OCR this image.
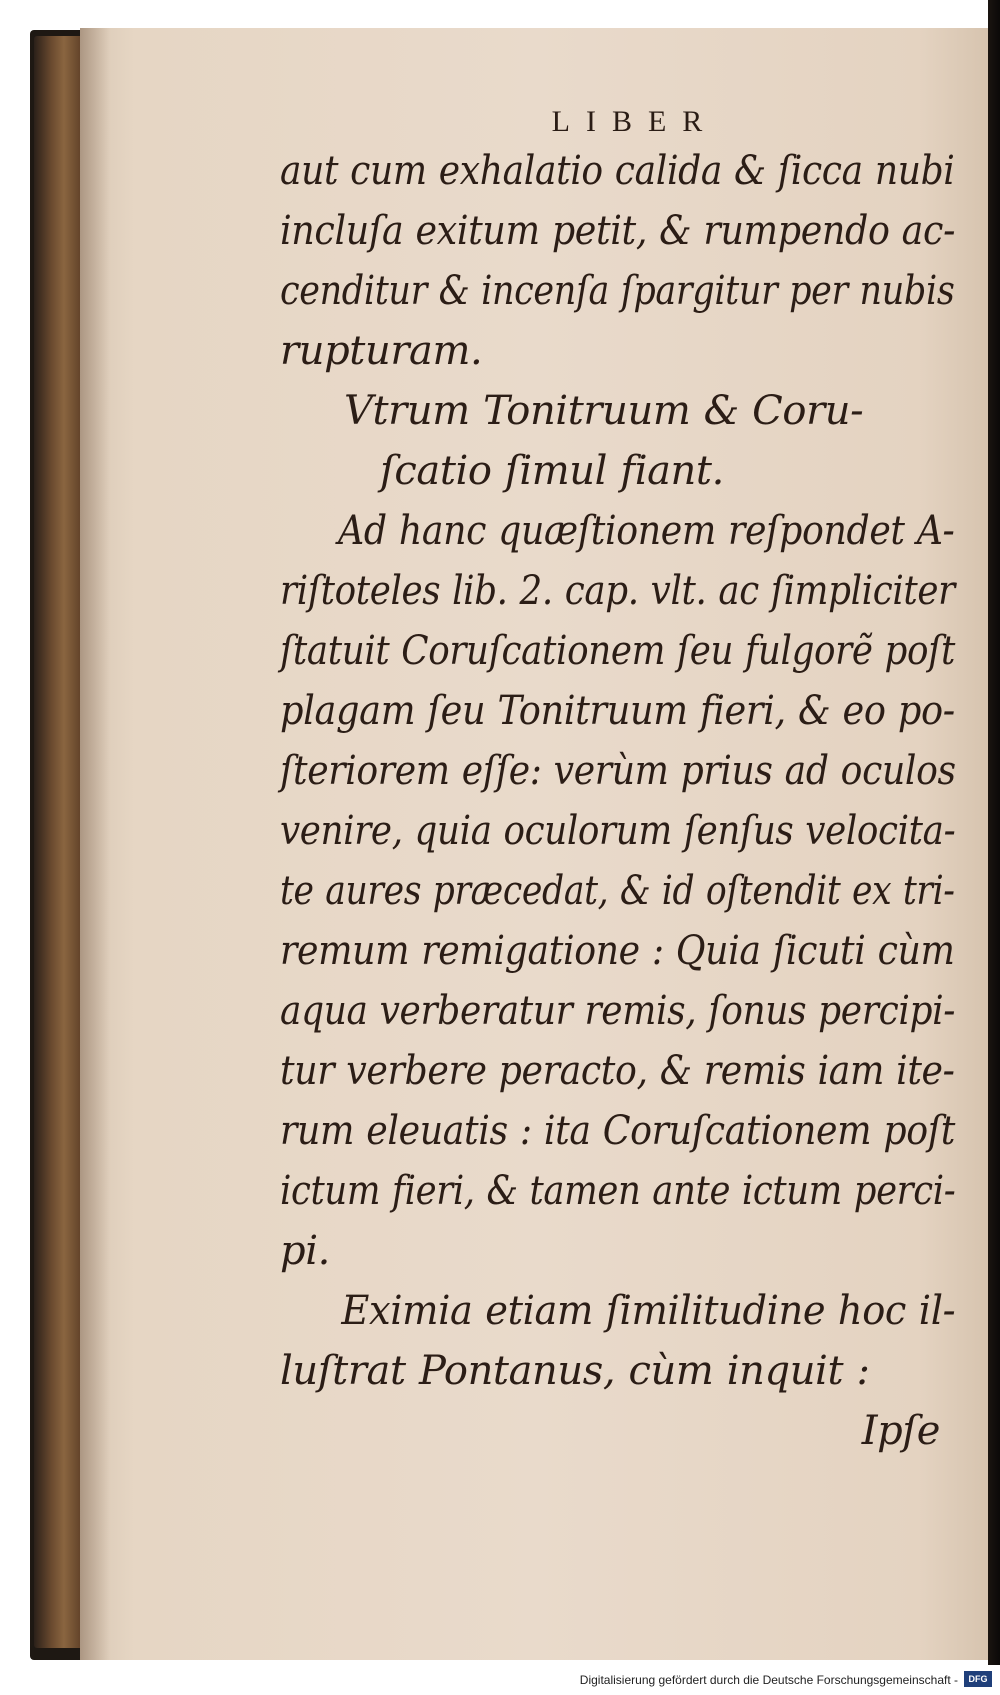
LIBER
aut cum exhalatio calida & ſicca nubi
incluſa exitum petit, & rumpendo ac-
cenditur & incenſa ſpargitur per nubis
rupturam.
Vtrum Tonitruum & Coru-
ſcatio ſimul fiant.
Ad hanc quæſtionem reſpondet A-
riſtoteles lib. 2. cap. vlt. ac ſimpliciter
ſtatuit Coruſcationem ſeu fulgorẽ poſt
plagam ſeu Tonitruum fieri, & eo po-
ſteriorem eſſe: verùm prius ad oculos
venire, quia oculorum ſenſus velocita-
te aures præcedat, & id oſtendit ex tri-
remum remigatione : Quia ſicuti cùm
aqua verberatur remis, ſonus percipi-
tur verbere peracto, & remis iam ite-
rum eleuatis : ita Coruſcationem poſt
ictum fieri, & tamen ante ictum perci-
pi.
Eximia etiam ſimilitudine hoc il-
luſtrat Pontanus, cùm inquit :
Ipſe
Digitalisierung gefördert durch die Deutsche Forschungsgemeinschaft -	DFG
